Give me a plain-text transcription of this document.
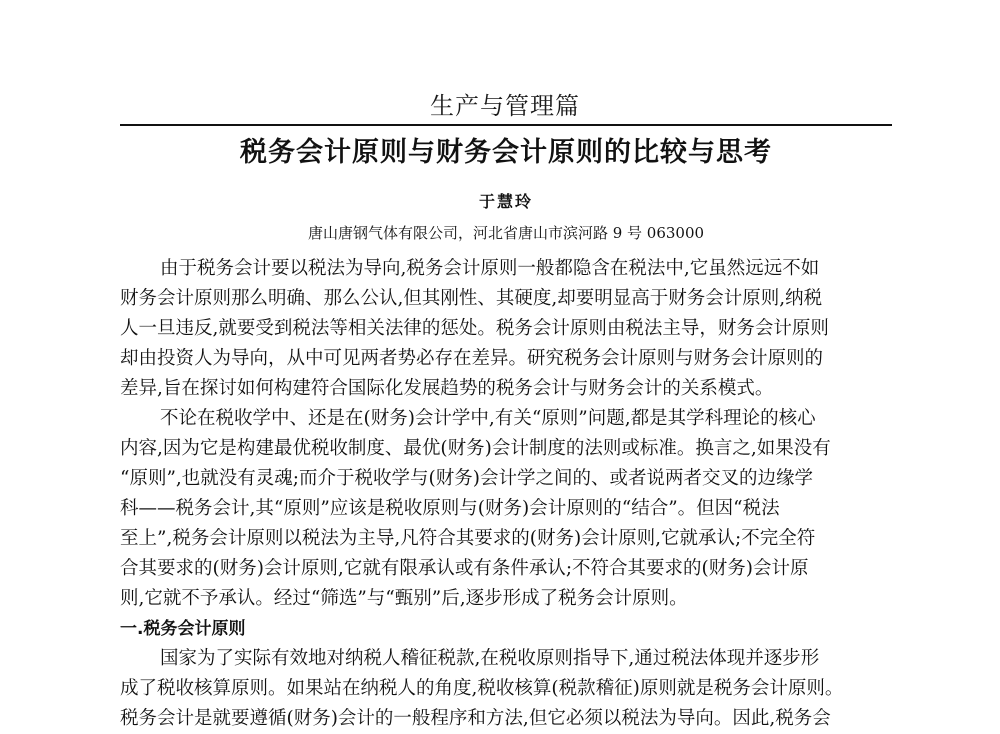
生产与管理篇
税务会计原则与财务会计原则的比较与思考
于慧玲
唐山唐钢气体有限公司，河北省唐山市滨河路 9 号 063000
由于税务会计要以税法为导向,税务会计原则一般都隐含在税法中,它虽然远远不如
财务会计原则那么明确、那么公认,但其刚性、其硬度,却要明显高于财务会计原则,纳税
人一旦违反,就要受到税法等相关法律的惩处。税务会计原则由税法主导，财务会计原则
却由投资人为导向，从中可见两者势必存在差异。研究税务会计原则与财务会计原则的
差异,旨在探讨如何构建符合国际化发展趋势的税务会计与财务会计的关系模式。
不论在税收学中、还是在(财务)会计学中,有关“原则”问题,都是其学科理论的核心
内容,因为它是构建最优税收制度、最优(财务)会计制度的法则或标准。换言之,如果没有
“原则”,也就没有灵魂;而介于税收学与(财务)会计学之间的、或者说两者交叉的边缘学
科——税务会计,其“原则”应该是税收原则与(财务)会计原则的“结合”。但因“税法
至上”,税务会计原则以税法为主导,凡符合其要求的(财务)会计原则,它就承认;不完全符
合其要求的(财务)会计原则,它就有限承认或有条件承认;不符合其要求的(财务)会计原
则,它就不予承认。经过“筛选”与“甄别”后,逐步形成了税务会计原则。
一.税务会计原则
国家为了实际有效地对纳税人稽征税款,在税收原则指导下,通过税法体现并逐步形
成了税收核算原则。如果站在纳税人的角度,税收核算(税款稽征)原则就是税务会计原则。
税务会计是就要遵循(财务)会计的一般程序和方法,但它必须以税法为导向。因此,税务会
